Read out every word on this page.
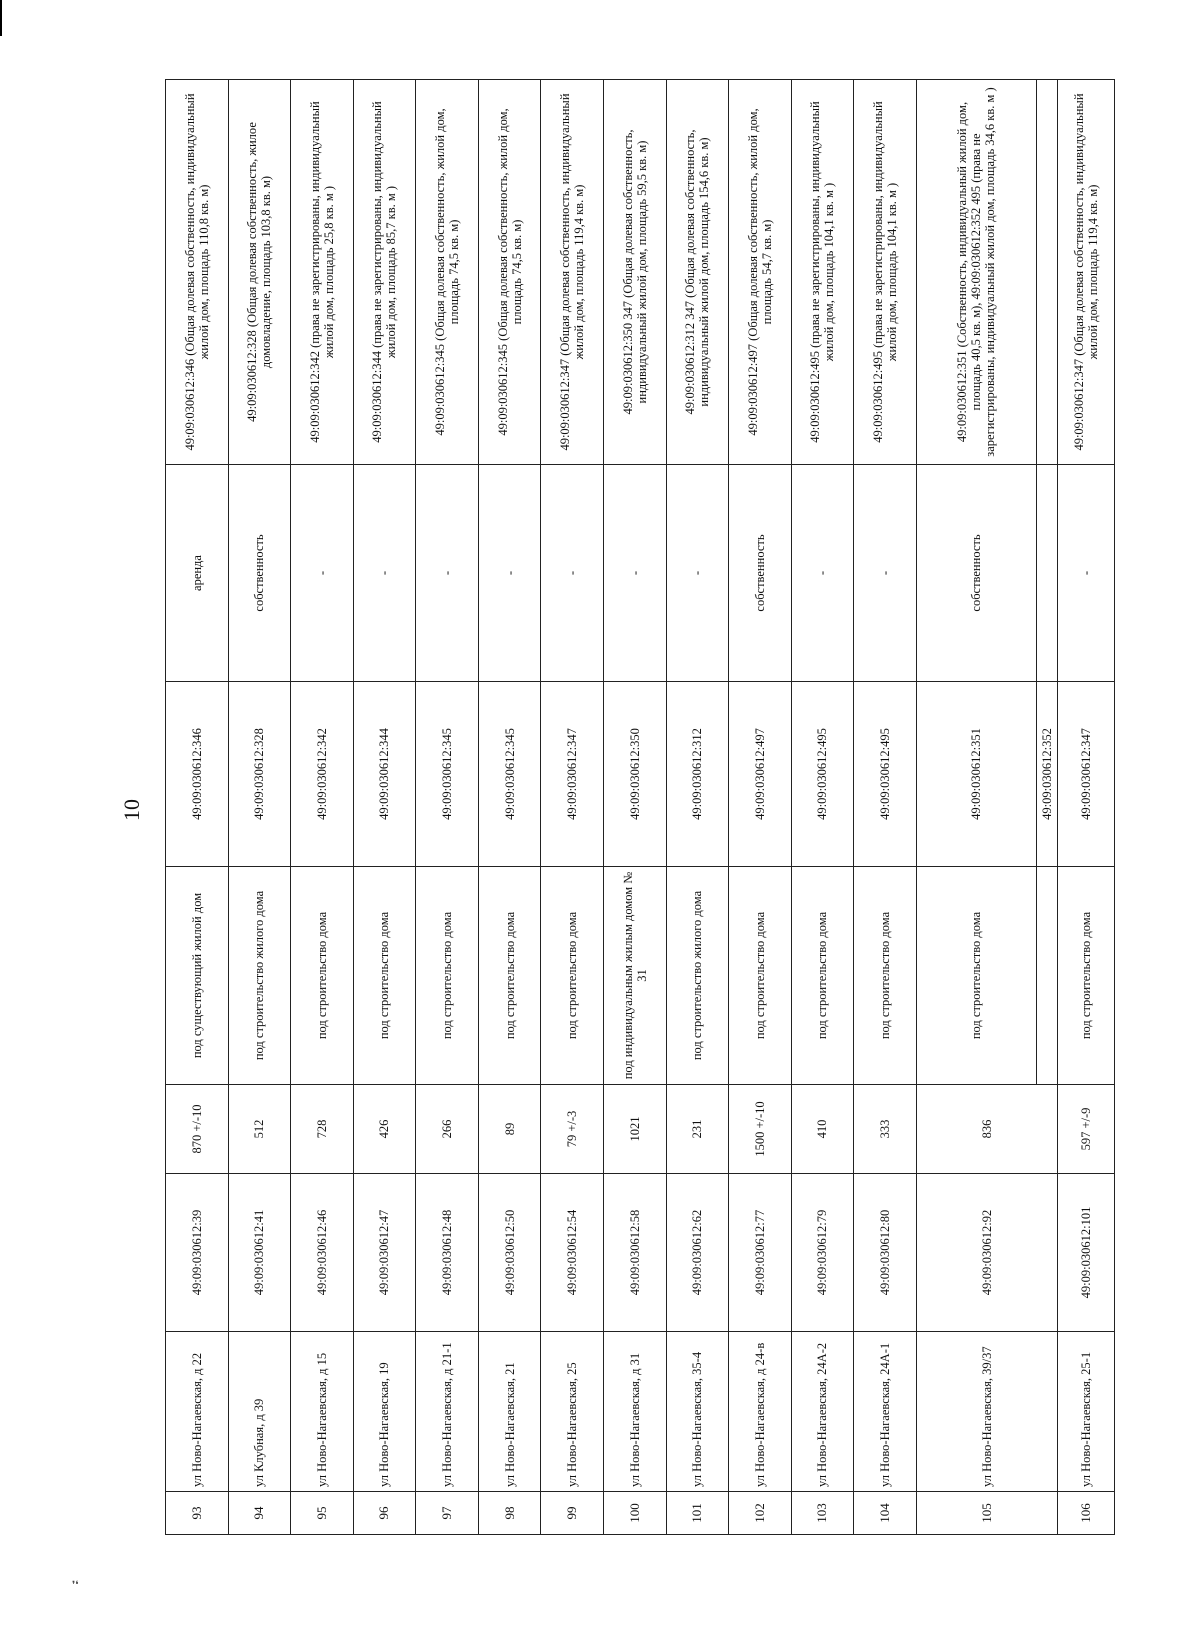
❜❛
10
93	ул Ново-Нагаевская, д 22	49:09:030612:39	870 +/-10	под существующий жилой дом	49:09:030612:346	аренда	49:09:030612:346 (Общая долевая собственность, индивидуальный жилой дом, площадь 110,8 кв. м)
94	ул Клубная, д 39	49:09:030612:41	512	под строительство жилого дома	49:09:030612:328	собственность	49:09:030612:328 (Общая долевая собственность, жилое домовладение, площадь 103,8 кв. м)
95	ул Ново-Нагаевская, д 15	49:09:030612:46	728	под строительство дома	49:09:030612:342	-	49:09:030612:342 (права не зарегистрированы, индивидуальный жилой дом, площадь 25,8 кв. м )
96	ул Ново-Нагаевская, 19	49:09:030612:47	426	под строительство дома	49:09:030612:344	-	49:09:030612:344 (права не зарегистрированы, индивидуальный жилой дом, площадь 85,7 кв. м )
97	ул Ново-Нагаевская, д 21-1	49:09:030612:48	266	под строительство дома	49:09:030612:345	-	49:09:030612:345 (Общая долевая собственность, жилой дом, площадь 74,5 кв. м)
98	ул Ново-Нагаевская, 21	49:09:030612:50	89	под строительство дома	49:09:030612:345	-	49:09:030612:345 (Общая долевая собственность, жилой дом, площадь 74,5 кв. м)
99	ул Ново-Нагаевская, 25	49:09:030612:54	79 +/-3	под строительство дома	49:09:030612:347	-	49:09:030612:347 (Общая долевая собственность, индивидуальный жилой дом, площадь 119,4 кв. м)
100	ул Ново-Нагаевская, д 31	49:09:030612:58	1021	под индивидуальным жилым домом № 31	49:09:030612:350	-	49:09:030612:350 347 (Общая долевая собственность, индивидуальный жилой дом, площадь 59,5 кв. м)
101	ул Ново-Нагаевская, 35-4	49:09:030612:62	231	под строительство жилого дома	49:09:030612:312	-	49:09:030612:312 347 (Общая долевая собственность, индивидуальный жилой дом, площадь 154,6 кв. м)
102	ул Ново-Нагаевская, д 24-в	49:09:030612:77	1500 +/-10	под строительство дома	49:09:030612:497	собственность	49:09:030612:497 (Общая долевая собственность, жилой дом, площадь 54,7 кв. м)
103	ул Ново-Нагаевская, 24А-2	49:09:030612:79	410	под строительство дома	49:09:030612:495	-	49:09:030612:495 (права не зарегистрированы, индивидуальный жилой дом, площадь 104,1 кв. м )
104	ул Ново-Нагаевская, 24А-1	49:09:030612:80	333	под строительство дома	49:09:030612:495	-	49:09:030612:495 (права не зарегистрированы, индивидуальный жилой дом, площадь 104,1 кв. м )
105	ул Ново-Нагаевская, 39/37	49:09:030612:92	836	под строительство дома	49:09:030612:351	собственность	49:09:030612:351 (Собственность, индивидуальный жилой дом, площадь 40,5 кв. м), 49:09:030612:352 495 (права не зарегистрированы, индивидуальный жилой дом, площадь 34,6 кв. м )
					49:09:030612:352		
106	ул Ново-Нагаевская, 25-1	49:09:030612:101	597 +/-9	под строительство дома	49:09:030612:347	-	49:09:030612:347 (Общая долевая собственность, индивидуальный жилой дом, площадь 119,4 кв. м)
